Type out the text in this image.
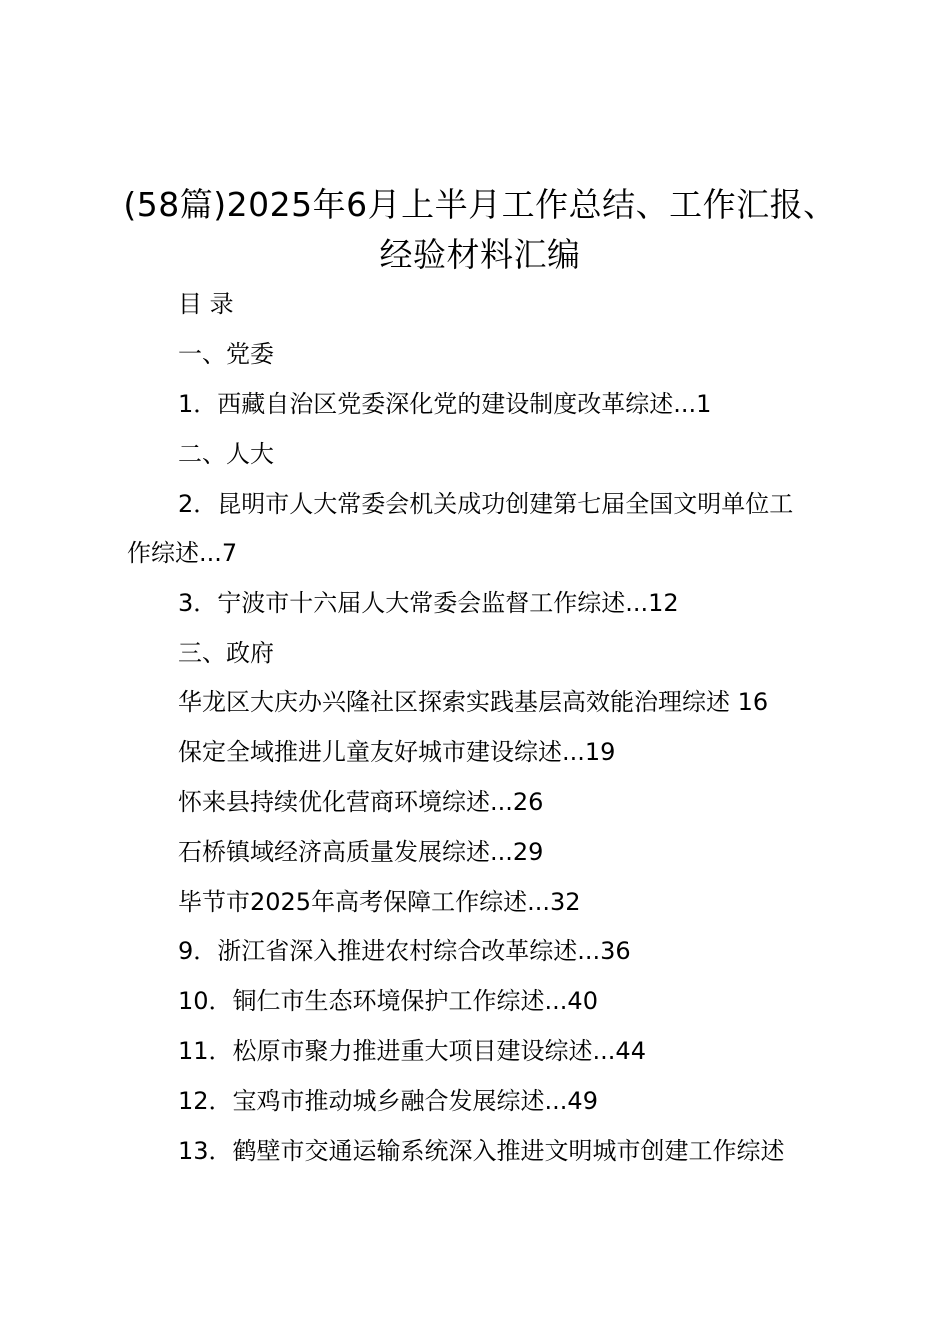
(58篇)2025年6月上半月工作总结、工作汇报、经验材料汇编
目 录
一、党委
1．西藏自治区党委深化党的建设制度改革综述...1
二、人大
2．昆明市人大常委会机关成功创建第七届全国文明单位工
作综述...7
3．宁波市十六届人大常委会监督工作综述...12
三、政府
华龙区大庆办兴隆社区探索实践基层高效能治理综述 16
保定全域推进儿童友好城市建设综述...19
怀来县持续优化营商环境综述...26
石桥镇域经济高质量发展综述...29
毕节市2025年高考保障工作综述...32
9．浙江省深入推进农村综合改革综述...36
10．铜仁市生态环境保护工作综述...40
11．松原市聚力推进重大项目建设综述...44
12．宝鸡市推动城乡融合发展综述...49
13．鹤壁市交通运输系统深入推进文明城市创建工作综述
